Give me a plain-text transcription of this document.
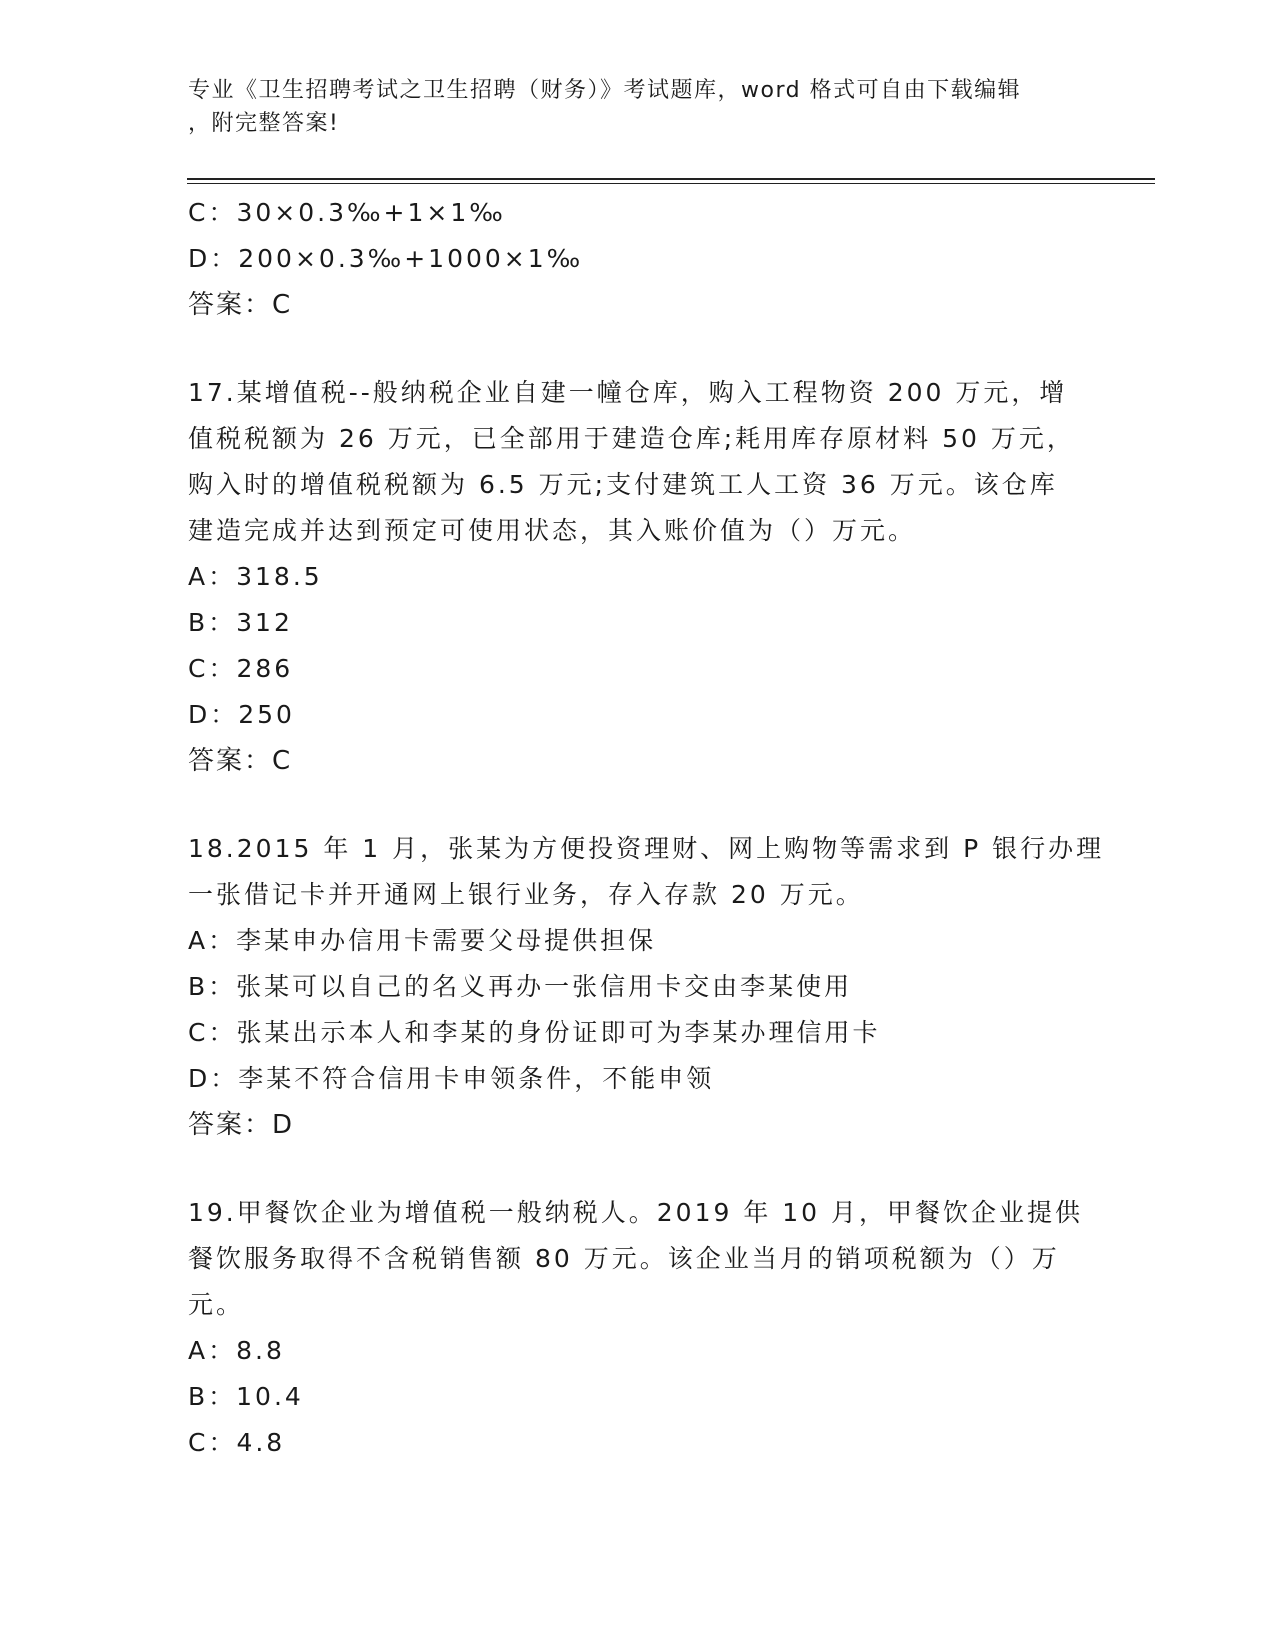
专业《卫生招聘考试之卫生招聘（财务）》考试题库，word 格式可自由下载编辑
，附完整答案!
C：30×0.3‰+1×1‰
D：200×0.3‰+1000×1‰
答案：C
17.某增值税--般纳税企业自建一幢仓库，购入工程物资 200 万元，增
值税税额为 26 万元，已全部用于建造仓库;耗用库存原材料 50 万元，
购入时的增值税税额为 6.5 万元;支付建筑工人工资 36 万元。该仓库
建造完成并达到预定可使用状态，其入账价值为（）万元。
A：318.5
B：312
C：286
D：250
答案：C
18.2015 年 1 月，张某为方便投资理财、网上购物等需求到 P 银行办理
一张借记卡并开通网上银行业务，存入存款 20 万元。
A：李某申办信用卡需要父母提供担保
B：张某可以自己的名义再办一张信用卡交由李某使用
C：张某出示本人和李某的身份证即可为李某办理信用卡
D：李某不符合信用卡申领条件，不能申领
答案：D
19.甲餐饮企业为增值税一般纳税人。2019 年 10 月，甲餐饮企业提供
餐饮服务取得不含税销售额 80 万元。该企业当月的销项税额为（）万
元。
A：8.8
B：10.4
C：4.8
